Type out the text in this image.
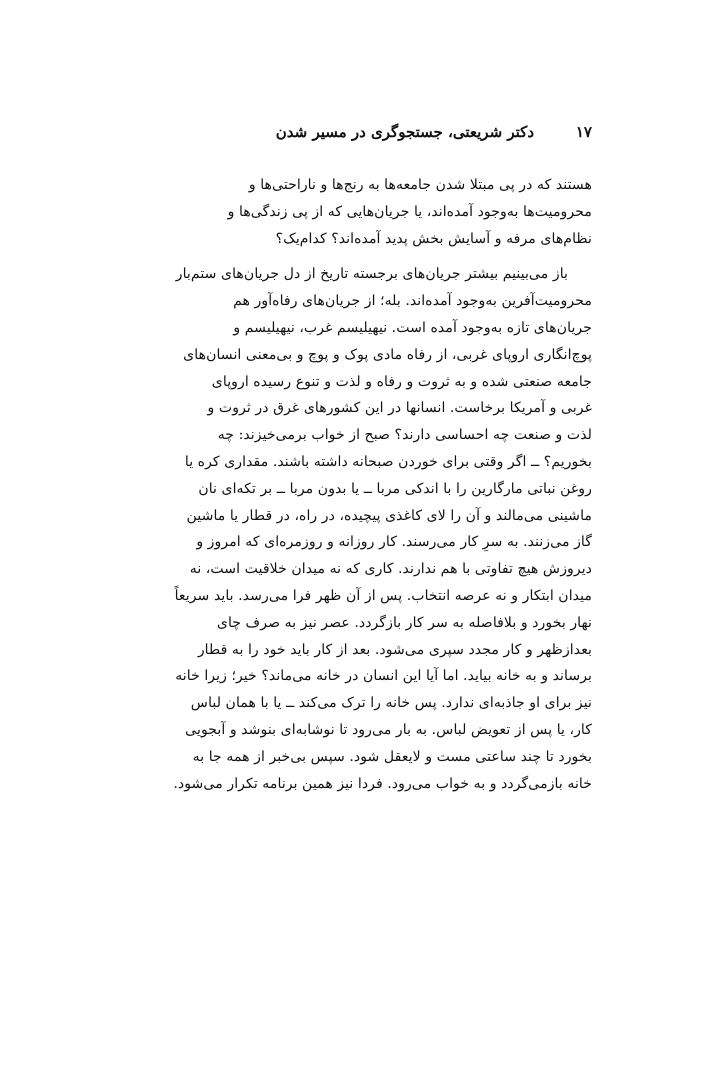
۱۷
دکتر شریعتی، جستجوگری در مسیر شدن
هستند که در پی مبتلا شدن جامعه‌ها به رنج‌ها و ناراحتی‌ها و
محرومیت‌ها به‌وجود آمده‌اند، یا جریان‌هایی که از پی زندگی‌ها و
نظام‌های مرفه و آسایش بخش پدید آمده‌اند؟ کدام‌یک؟
باز می‌بینیم بیشتر جریان‌های برجسته تاریخ از دل جریان‌های ستم‌بار
محرومیت‌آفرین به‌وجود آمده‌اند. بله؛ از جریان‌های رفاه‌آور هم
جریان‌های تازه به‌وجود آمده است. نیهیلیسم غرب، نیهیلیسم و
پوچ‌انگاری اروپای غربی، از رفاه مادی پوک و پوچ و بی‌معنی انسان‌های
جامعه صنعتی شده و به ثروت و رفاه و لذت و تنوع رسیده اروپای
غربی و آمریکا برخاست. انسانها در این کشورهای غرق در ثروت و
لذت و صنعت چه احساسی دارند؟ صبح از خواب برمی‌خیزند: چه
بخوریم؟ ــ اگر وقتی برای خوردن صبحانه داشته باشند. مقداری کره یا
روغن نباتی مارگارین را با اندکی مربا ــ یا بدون مربا ــ بر تکه‌ای نان
ماشینی می‌مالند و آن را لای کاغذی پیچیده، در راه، در قطار یا ماشین
گاز می‌زنند. به سرِ کار می‌رسند. کار روزانه و روزمره‌ای که امروز و
دیروزش هیچ تفاوتی با هم ندارند. کاری که نه میدان خلاقیت است، نه
میدان ابتکار و نه عرصه انتخاب. پس از آن ظهر فرا می‌رسد. باید سریعاً
نهار بخورد و بلافاصله به سر کار بازگردد. عصر نیز به صرف چای
بعدازظهر و کار مجدد سپری می‌شود. بعد از کار باید خود را به قطار
برساند و به خانه بیاید. اما آیا این انسان در خانه می‌ماند؟ خیر؛ زیرا خانه
نیز برای او جاذبه‌ای ندارد. پس خانه را ترک می‌کند ــ یا با همان لباس
کار، یا پس از تعویض لباس. به بار می‌رود تا نوشابه‌ای بنوشد و آبجویی
بخورد تا چند ساعتی مست و لایعقل شود. سپس بی‌خبر از همه جا به
خانه بازمی‌گردد و به خواب می‌رود. فردا نیز همین برنامه تکرار می‌شود.
